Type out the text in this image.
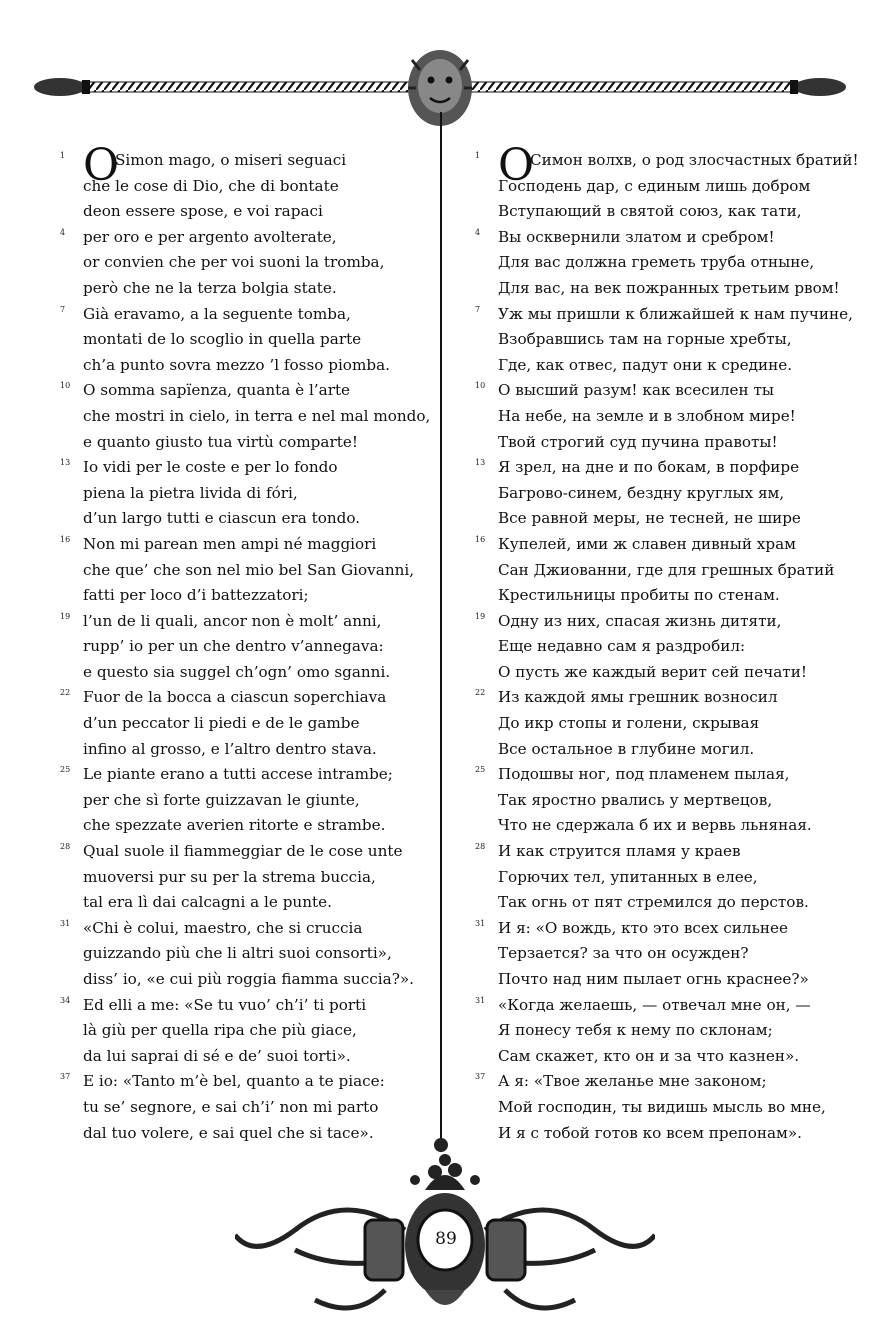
1 O
Simon mago, o miseri seguaci
che le cose di Dio, che di bontate
deon essere spose, e voi rapaci
4	per oro e per argento avolterate,
or convien che per voi suoni la tromba,
però che ne la terza bolgia state.
7	Già eravamo, a la seguente tomba,
montati de lo scoglio in quella parte
ch’a punto sovra mezzo ’l fosso piomba.
10 O somma sapïenza, quanta è l’arte
che mostri in cielo, in terra e nel mal mondo,
e quanto giusto tua virtù comparte!
13 Io vidi per le coste e per lo fondo
piena la pietra livida di fóri,
d’un largo tutti e ciascun era tondo.
16 Non mi parean men ampi né maggiori
che que’ che son nel mio bel San Giovanni,
fatti per loco d’i battezzatori;
19 l’un de li quali, ancor non è molt’ anni,
rupp’ io per un che dentro v’annegava:
e questo sia suggel ch’ogn’ omo sganni.
22 Fuor de la bocca a ciascun soperchiava
d’un peccator li piedi e de le gambe
infino al grosso, e l’altro dentro stava.
25 Le piante erano a tutti accese intrambe;
per che sì forte guizzavan le giunte,
che spezzate averien ritorte e strambe.
28 Qual suole il fiammeggiar de le cose unte
muoversi pur su per la strema buccia,
tal era lì dai calcagni a le punte.
31 «Chi è colui, maestro, che si cruccia
guizzando più che li altri suoi consorti»,
diss’ io, «e cui più roggia fiamma succia?».
34 Ed elli a me: «Se tu vuo’ ch’i’ ti porti
là giù per quella ripa che più giace,
da lui saprai di sé e de’ suoi torti».
37 E io: «Tanto m’è bel, quanto a te piace:
tu se’ segnore, e sai ch’i’ non mi parto
dal tuo volere, e sai quel che si tace».
1 O
Симон волхв, о род злосчастных братий!
Господень дар, с единым лишь добром
Вступающий в святой союз, как тати,
4	Вы осквернили златом и сребром!
Для вас должна греметь труба отныне,
Для вас, на век пожранных третьим рвом!
7	Уж мы пришли к ближайшей к нам пучине,
Взобравшись там на горные хребты,
Где, как отвес, падут они к средине.
10 О высший разум! как всесилен ты
На небе, на земле и в злобном мире!
Твой строгий суд пучина правоты!
13 Я зрел, на дне и по бокам, в порфире
Багрово-синем, бездну круглых ям,
Все равной меры, не тесней, не шире
16 Купелей, ими ж славен дивный храм
Сан Джиованни, где для грешных братий
Крестильницы пробиты по стенам.
19 Одну из них, спасая жизнь дитяти,
Еще недавно сам я раздробил:
О пусть же каждый верит сей печати!
22 Из каждой ямы грешник возносил
До икр стопы и голени, скрывая
Все остальное в глубине могил.
25 Подошвы ног, под пламенем пылая,
Так яростно рвались у мертвецов,
Что не сдержала б их и вервь льняная.
28 И как струится пламя у краев
Горючих тел, упитанных в елее,
Так огнь от пят стремился до перстов.
31 И я: «О вождь, кто это всех сильнее
Терзается? за что он осужден?
Почто над ним пылает огнь краснее?»
31 «Когда желаешь, — отвечал мне он, —
Я понесу тебя к нему по склонам;
Сам скажет, кто он и за что казнен».
37 А я: «Твое желанье мне законом;
Мой господин, ты видишь мысль во мне,
И я с тобой готов ко всем препонам».
89
